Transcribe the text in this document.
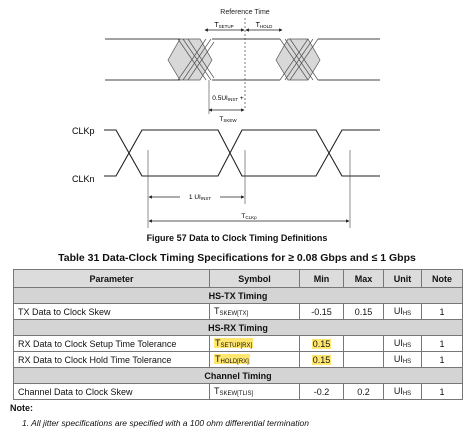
Reference Time
TSETUP	THOLD
0.5UIINST +
TSKEW
CLKp
CLKn
1 UIINST
TCLKp
Figure 57 Data to Clock Timing Definitions
Table 31 Data-Clock Timing Specifications for ≥ 0.08 Gbps and ≤ 1 Gbps
Parameter	Symbol	Min	Max	Unit	Note
HS-TX Timing					
TX Data to Clock Skew	TSKEW[TX]	-0.15	0.15	UIHS	1
HS-RX Timing					
RX Data to Clock Setup Time Tolerance	TSETUP[RX]	0.15		UIHS	1
RX Data to Clock Hold Time Tolerance	THOLD[RX]	0.15		UIHS	1
Channel Timing					
Channel Data to Clock Skew	TSKEW[TLIS]	-0.2	0.2	UIHS	1
Note:
1. All jitter specifications are specified with a 100 ohm differential termination
